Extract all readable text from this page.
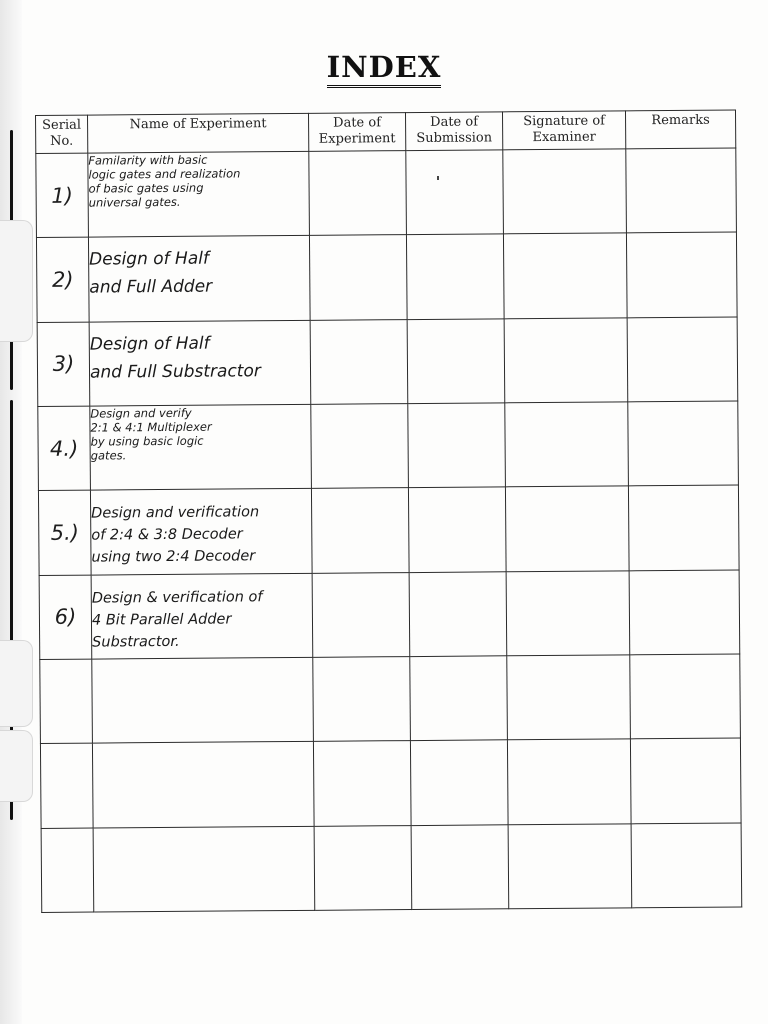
INDEX
Serial No.	Name of Experiment	Date of Experiment	Date of Submission	Signature of Examiner	Remarks
1)	Familarity with basic
logic gates and realization
of basic gates using
universal gates.				

2)	Design of Half
and Full Adder				

3)	Design of Half
and Full Substractor				

4.)	Design and verify
2:1 & 4:1 Multiplexer
by using basic logic
gates.				

5.)	Design and verification
of 2:4 & 3:8 Decoder
using two 2:4 Decoder				

6)	Design & verification of
4 Bit Parallel Adder
Substractor.				
